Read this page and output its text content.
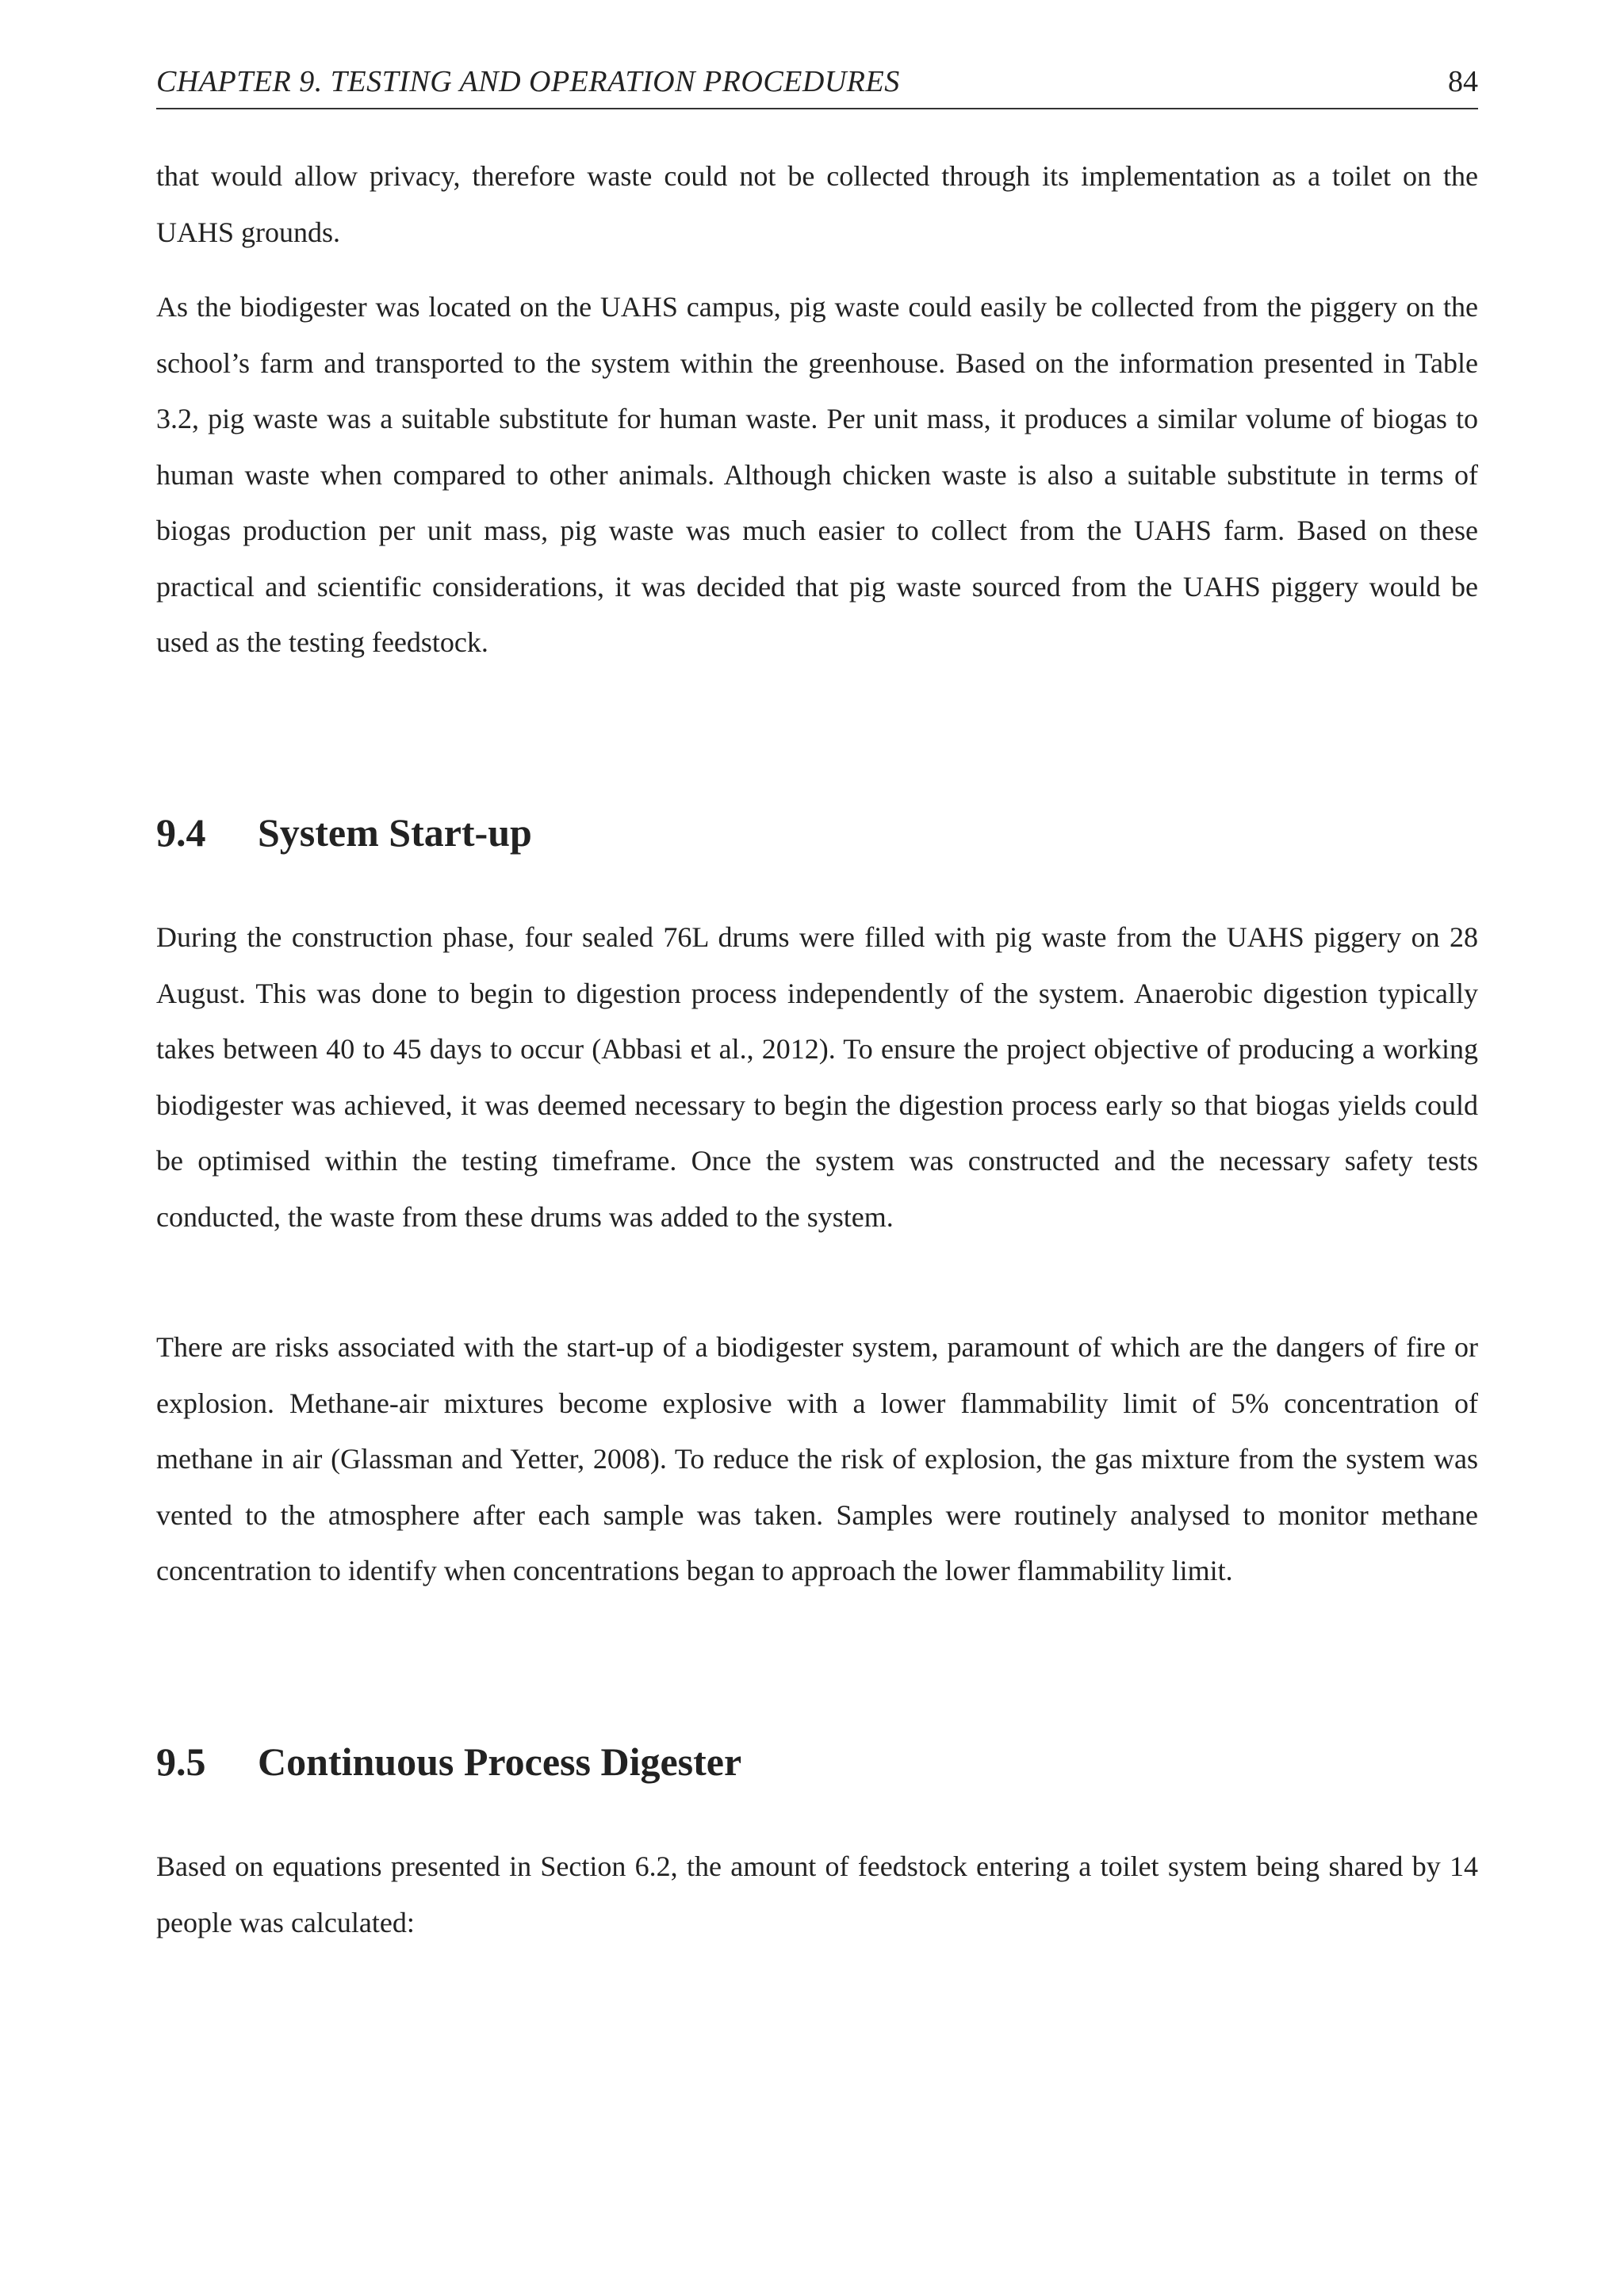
CHAPTER 9. TESTING AND OPERATION PROCEDURES	84

that would allow privacy, therefore waste could not be collected through its implementation as a toilet on the UAHS grounds.

As the biodigester was located on the UAHS campus, pig waste could easily be collected from the piggery on the school’s farm and transported to the system within the greenhouse. Based on the information presented in Table 3.2, pig waste was a suitable substitute for human waste. Per unit mass, it produces a similar volume of biogas to human waste when compared to other animals. Although chicken waste is also a suitable substitute in terms of biogas production per unit mass, pig waste was much easier to collect from the UAHS farm. Based on these practical and scientific considerations, it was decided that pig waste sourced from the UAHS piggery would be used as the testing feedstock.

9.4 System Start-up

During the construction phase, four sealed 76L drums were filled with pig waste from the UAHS piggery on 28 August. This was done to begin to digestion process independently of the system. Anaerobic digestion typically takes between 40 to 45 days to occur (Abbasi et al., 2012). To ensure the project objective of producing a working biodigester was achieved, it was deemed necessary to begin the digestion process early so that biogas yields could be optimised within the testing timeframe. Once the system was constructed and the necessary safety tests conducted, the waste from these drums was added to the system.

There are risks associated with the start-up of a biodigester system, paramount of which are the dangers of fire or explosion. Methane-air mixtures become explosive with a lower flammability limit of 5% concentration of methane in air (Glassman and Yetter, 2008). To reduce the risk of explosion, the gas mixture from the system was vented to the atmosphere after each sample was taken. Samples were routinely analysed to monitor methane concentration to identify when concentrations began to approach the lower flammability limit.

9.5 Continuous Process Digester

Based on equations presented in Section 6.2, the amount of feedstock entering a toilet system being shared by 14 people was calculated:
